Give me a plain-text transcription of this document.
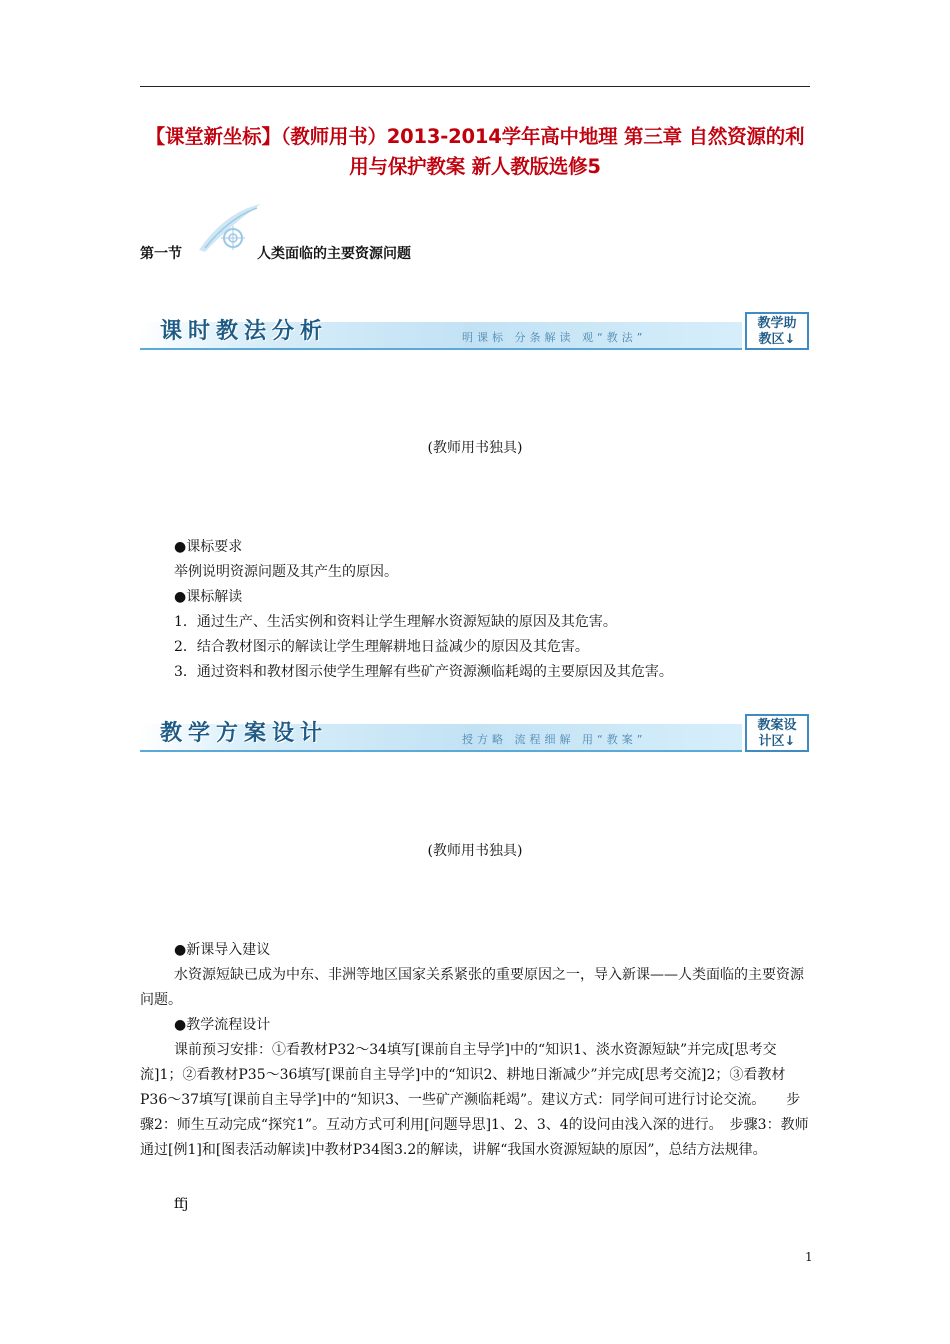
【课堂新坐标】（教师用书）2013-2014学年高中地理 第三章 自然资源的利用与保护教案 新人教版选修5
第一节	人类面临的主要资源问题
课时教法分析	明课标 分条解读 观“教法”
教学助
教区↓
(教师用书独具)

●课标要求

举例说明资源问题及其产生的原因。

●课标解读

1．通过生产、生活实例和资料让学生理解水资源短缺的原因及其危害。

2．结合教材图示的解读让学生理解耕地日益减少的原因及其危害。

3．通过资料和教材图示使学生理解有些矿产资源濒临耗竭的主要原因及其危害。

教学方案设计	授方略 流程细解 用“教案”
教案设
计区↓
(教师用书独具)

●新课导入建议

水资源短缺已成为中东、非洲等地区国家关系紧张的重要原因之一，导入新课——人类面临的主要资源问题。

●教学流程设计

课前预习安排：①看教材P32～34填写[课前自主导学]中的“知识1、淡水资源短缺”并完成[思考交流]1；②看教材P35～36填写[课前自主导学]中的“知识2、耕地日渐减少”并完成[思考交流]2；③看教材P36～37填写[课前自主导学]中的“知识3、一些矿产濒临耗竭”。建议方式：同学间可进行讨论交流。　　步骤2：师生互动完成“探究1”。互动方式可利用[问题导思]1、2、3、4的设问由浅入深的进行。　步骤3：教师通过[例1]和[图表活动解读]中教材P34图3.2的解读，讲解“我国水资源短缺的原因”，总结方法规律。

ffj

1
